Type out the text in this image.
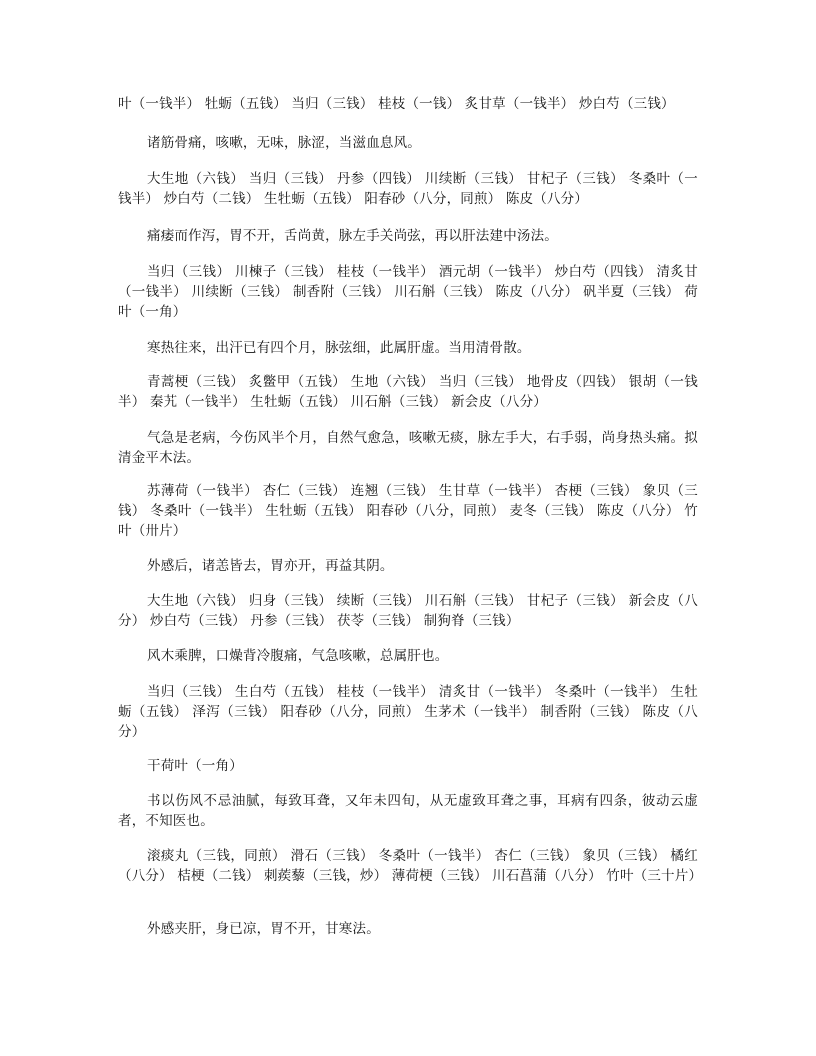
叶（一钱半） 牡蛎（五钱） 当归（三钱） 桂枝（一钱） 炙甘草（一钱半） 炒白芍（三钱）

诸筋骨痛，咳嗽，无味，脉涩，当滋血息风。

大生地（六钱） 当归（三钱） 丹参（四钱） 川续断（三钱） 甘杞子（三钱） 冬桑叶（一钱半） 炒白芍（二钱） 生牡蛎（五钱） 阳春砂（八分，同煎） 陈皮（八分）

痛痿而作泻，胃不开，舌尚黄，脉左手关尚弦，再以肝法建中汤法。

当归（三钱） 川楝子（三钱） 桂枝（一钱半） 酒元胡（一钱半） 炒白芍（四钱） 清炙甘（一钱半） 川续断（三钱） 制香附（三钱） 川石斛（三钱） 陈皮（八分） 矾半夏（三钱） 荷叶（一角）

寒热往来，出汗已有四个月，脉弦细，此属肝虚。当用清骨散。

青蒿梗（三钱） 炙鳖甲（五钱） 生地（六钱） 当归（三钱） 地骨皮（四钱） 银胡（一钱半） 秦艽（一钱半） 生牡蛎（五钱） 川石斛（三钱） 新会皮（八分）

气急是老病，今伤风半个月，自然气愈急，咳嗽无痰，脉左手大，右手弱，尚身热头痛。拟清金平木法。

苏薄荷（一钱半） 杏仁（三钱） 连翘（三钱） 生甘草（一钱半） 杏梗（三钱） 象贝（三钱） 冬桑叶（一钱半） 生牡蛎（五钱） 阳春砂（八分，同煎） 麦冬（三钱） 陈皮（八分） 竹叶（卅片）

外感后，诸恙皆去，胃亦开，再益其阴。

大生地（六钱） 归身（三钱） 续断（三钱） 川石斛（三钱） 甘杞子（三钱） 新会皮（八分） 炒白芍（三钱） 丹参（三钱） 茯苓（三钱） 制狗脊（三钱）

风木乘脾，口燥背冷腹痛，气急咳嗽，总属肝也。

当归（三钱） 生白芍（五钱） 桂枝（一钱半） 清炙甘（一钱半） 冬桑叶（一钱半） 生牡蛎（五钱） 泽泻（三钱） 阳春砂（八分，同煎） 生茅术（一钱半） 制香附（三钱） 陈皮（八分）

干荷叶（一角）

书以伤风不忌油腻，每致耳聋，又年未四旬，从无虚致耳聋之事，耳病有四条，彼动云虚者，不知医也。

滚痰丸（三钱，同煎） 滑石（三钱） 冬桑叶（一钱半） 杏仁（三钱） 象贝（三钱） 橘红（八分） 桔梗（二钱） 刺蒺藜（三钱，炒） 薄荷梗（三钱） 川石菖蒲（八分） 竹叶（三十片）

外感夹肝，身已凉，胃不开，甘寒法。
